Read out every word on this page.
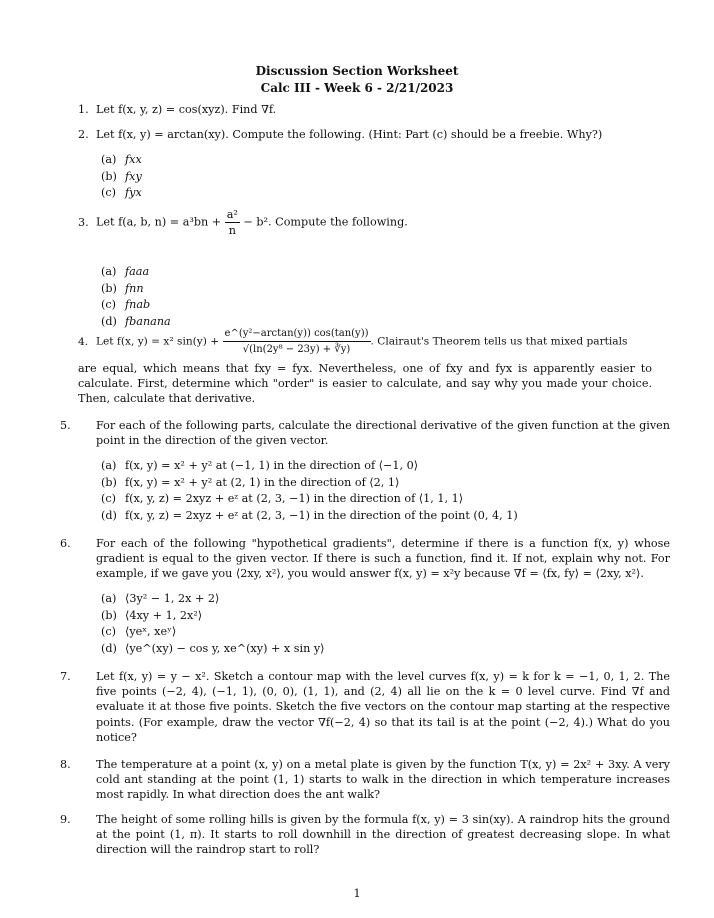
Discussion Section Worksheet
Calc III - Week 6 - 2/21/2023
1. Let f(x, y, z) = cos(xyz). Find ∇f.
2. Let f(x, y) = arctan(xy). Compute the following. (Hint: Part (c) should be a freebie. Why?)
(a) fxx
(b) fxy
(c) fyx
3. Let f(a, b, $n) = a^3bn + \frac{\text{a²}}{n} - b^2$. Compute the following.
(a) faaa
(b) fnn
(c) fnab
(d) fbanana
4. Let f(x, y) = x² $\sin(y) + \frac{\text{e\textasciicircum{}(y²−arctan(y)) cos(tan(y))}}{\text{√(ln(2y⁸ − 23y) + ∛y)}}$ . Clairaut's Theorem tells us that mixed partials
are equal, which means that fxy = fyx. Nevertheless, one of fxy and fyx is apparently easier to calculate. First, determine which "order" is easier to calculate, and say why you made your choice. Then, calculate that derivative.
5. For each of the following parts, calculate the directional derivative of the given function at the given point in the direction of the given vector.
(a) f(x, y) = x² + y² at (−1, 1) in the direction of ⟨−1, 0⟩
(b) f(x, y) = x² + y² at (2, 1) in the direction of ⟨2, 1⟩
(c) f(x, y, z) = 2xyz + eᶻ at (2, 3, −1) in the direction of ⟨1, 1, 1⟩
(d) f(x, y, z) = 2xyz + eᶻ at (2, 3, −1) in the direction of the point (0, 4, 1)
6. For each of the following "hypothetical gradients", determine if there is a function f(x, y) whose gradient is equal to the given vector. If there is such a function, find it. If not, explain why not. For example, if we gave you ⟨2xy, x²⟩, you would answer f(x, y) = x²y because ∇f = ⟨fx, fy⟩ = ⟨2xy, x²⟩.
(a) ⟨3y² − 1, 2x + 2⟩
(b) ⟨4xy + 1, 2x²⟩
(c) ⟨yeˣ, xeʸ⟩
(d) ⟨ye^(xy) − cos y, xe^(xy) + x sin y⟩
7. Let f(x, y) = y − x². Sketch a contour map with the level curves f(x, y) = k for k = −1, 0, 1, 2. The five points (−2, 4), (−1, 1), (0, 0), (1, 1), and (2, 4) all lie on the k = 0 level curve. Find ∇f and evaluate it at those five points. Sketch the five vectors on the contour map starting at the respective points. (For example, draw the vector ∇f(−2, 4) so that its tail is at the point (−2, 4).) What do you notice?
8. The temperature at a point (x, y) on a metal plate is given by the function T(x, y) = 2x² + 3xy. A very cold ant standing at the point (1, 1) starts to walk in the direction in which temperature increases most rapidly. In what direction does the ant walk?
9. The height of some rolling hills is given by the formula f(x, y) = 3 sin(xy). A raindrop hits the ground at the point (1, π). It starts to roll downhill in the direction of greatest decreasing slope. In what direction will the raindrop start to roll?
1
